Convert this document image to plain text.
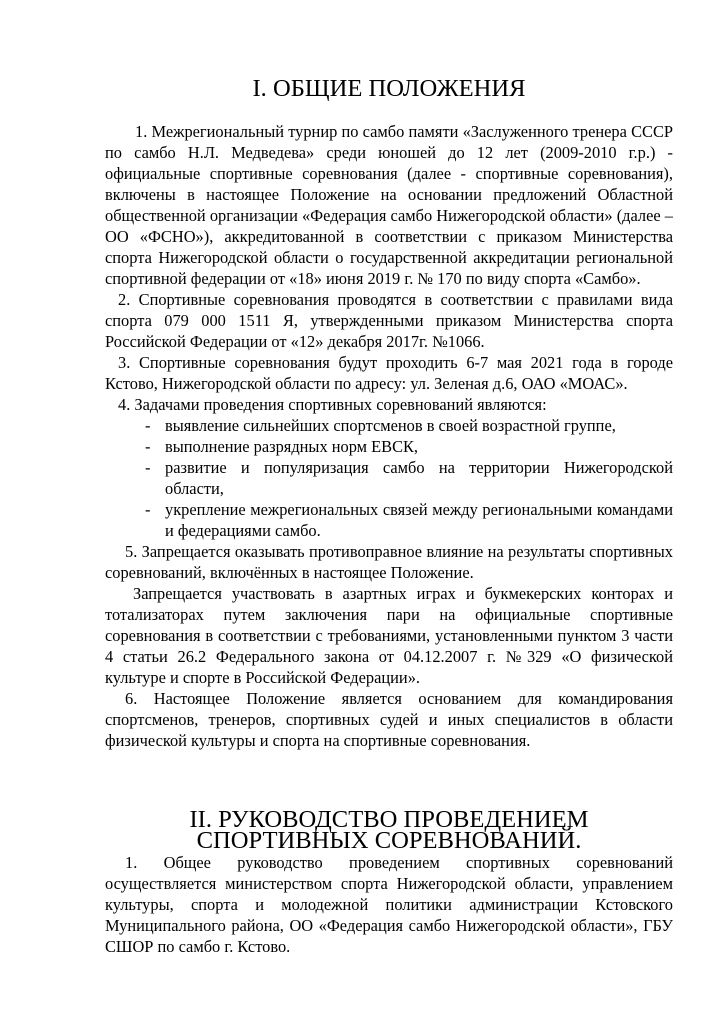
I. ОБЩИЕ ПОЛОЖЕНИЯ

1. Межрегиональный турнир по самбо памяти «Заслуженного тренера СССР по самбо Н.Л. Медведева» среди юношей до 12 лет (2009-2010 г.р.) - официальные спортивные соревнования (далее - спортивные соревнования), включены в настоящее Положение на основании предложений Областной общественной организации «Федерация самбо Нижегородской области» (далее – ОО «ФСНО»), аккредитованной в соответствии с приказом Министерства спорта Нижегородской области о государственной аккредитации региональной спортивной федерации от «18» июня 2019 г. № 170 по виду спорта «Самбо».

2. Спортивные соревнования проводятся в соответствии с правилами вида спорта 079 000 1511 Я, утвержденными приказом Министерства спорта Российской Федерации от «12» декабря 2017г. №1066.

3. Спортивные соревнования будут проходить 6-7 мая 2021 года в городе Кстово, Нижегородской области по адресу: ул. Зеленая д.6, ОАО «МОАС».

4. Задачами проведения спортивных соревнований являются:

- выявление сильнейших спортсменов в своей возрастной группе,
- выполнение разрядных норм ЕВСК,
- развитие и популяризация самбо на территории Нижегородской области,
- укрепление межрегиональных связей между региональными командами и федерациями самбо.

5. Запрещается оказывать противоправное влияние на результаты спортивных соревнований, включённых в настоящее Положение.

Запрещается участвовать в азартных играх и букмекерских конторах и тотализаторах путем заключения пари на официальные спортивные соревнования в соответствии с требованиями, установленными пунктом 3 части 4 статьи 26.2 Федерального закона от 04.12.2007 г. №329 «О физической культуре и спорте в Российской Федерации».

6. Настоящее Положение является основанием для командирования спортсменов, тренеров, спортивных судей и иных специалистов в области физической культуры и спорта на спортивные соревнования.

II. РУКОВОДСТВО ПРОВЕДЕНИЕМ СПОРТИВНЫХ СОРЕВНОВАНИЙ.

1. Общее руководство проведением спортивных соревнований осуществляется министерством спорта Нижегородской области, управлением культуры, спорта и молодежной политики администрации Кстовского Муниципального района, ОО «Федерация самбо Нижегородской области», ГБУ СШОР по самбо г. Кстово.
